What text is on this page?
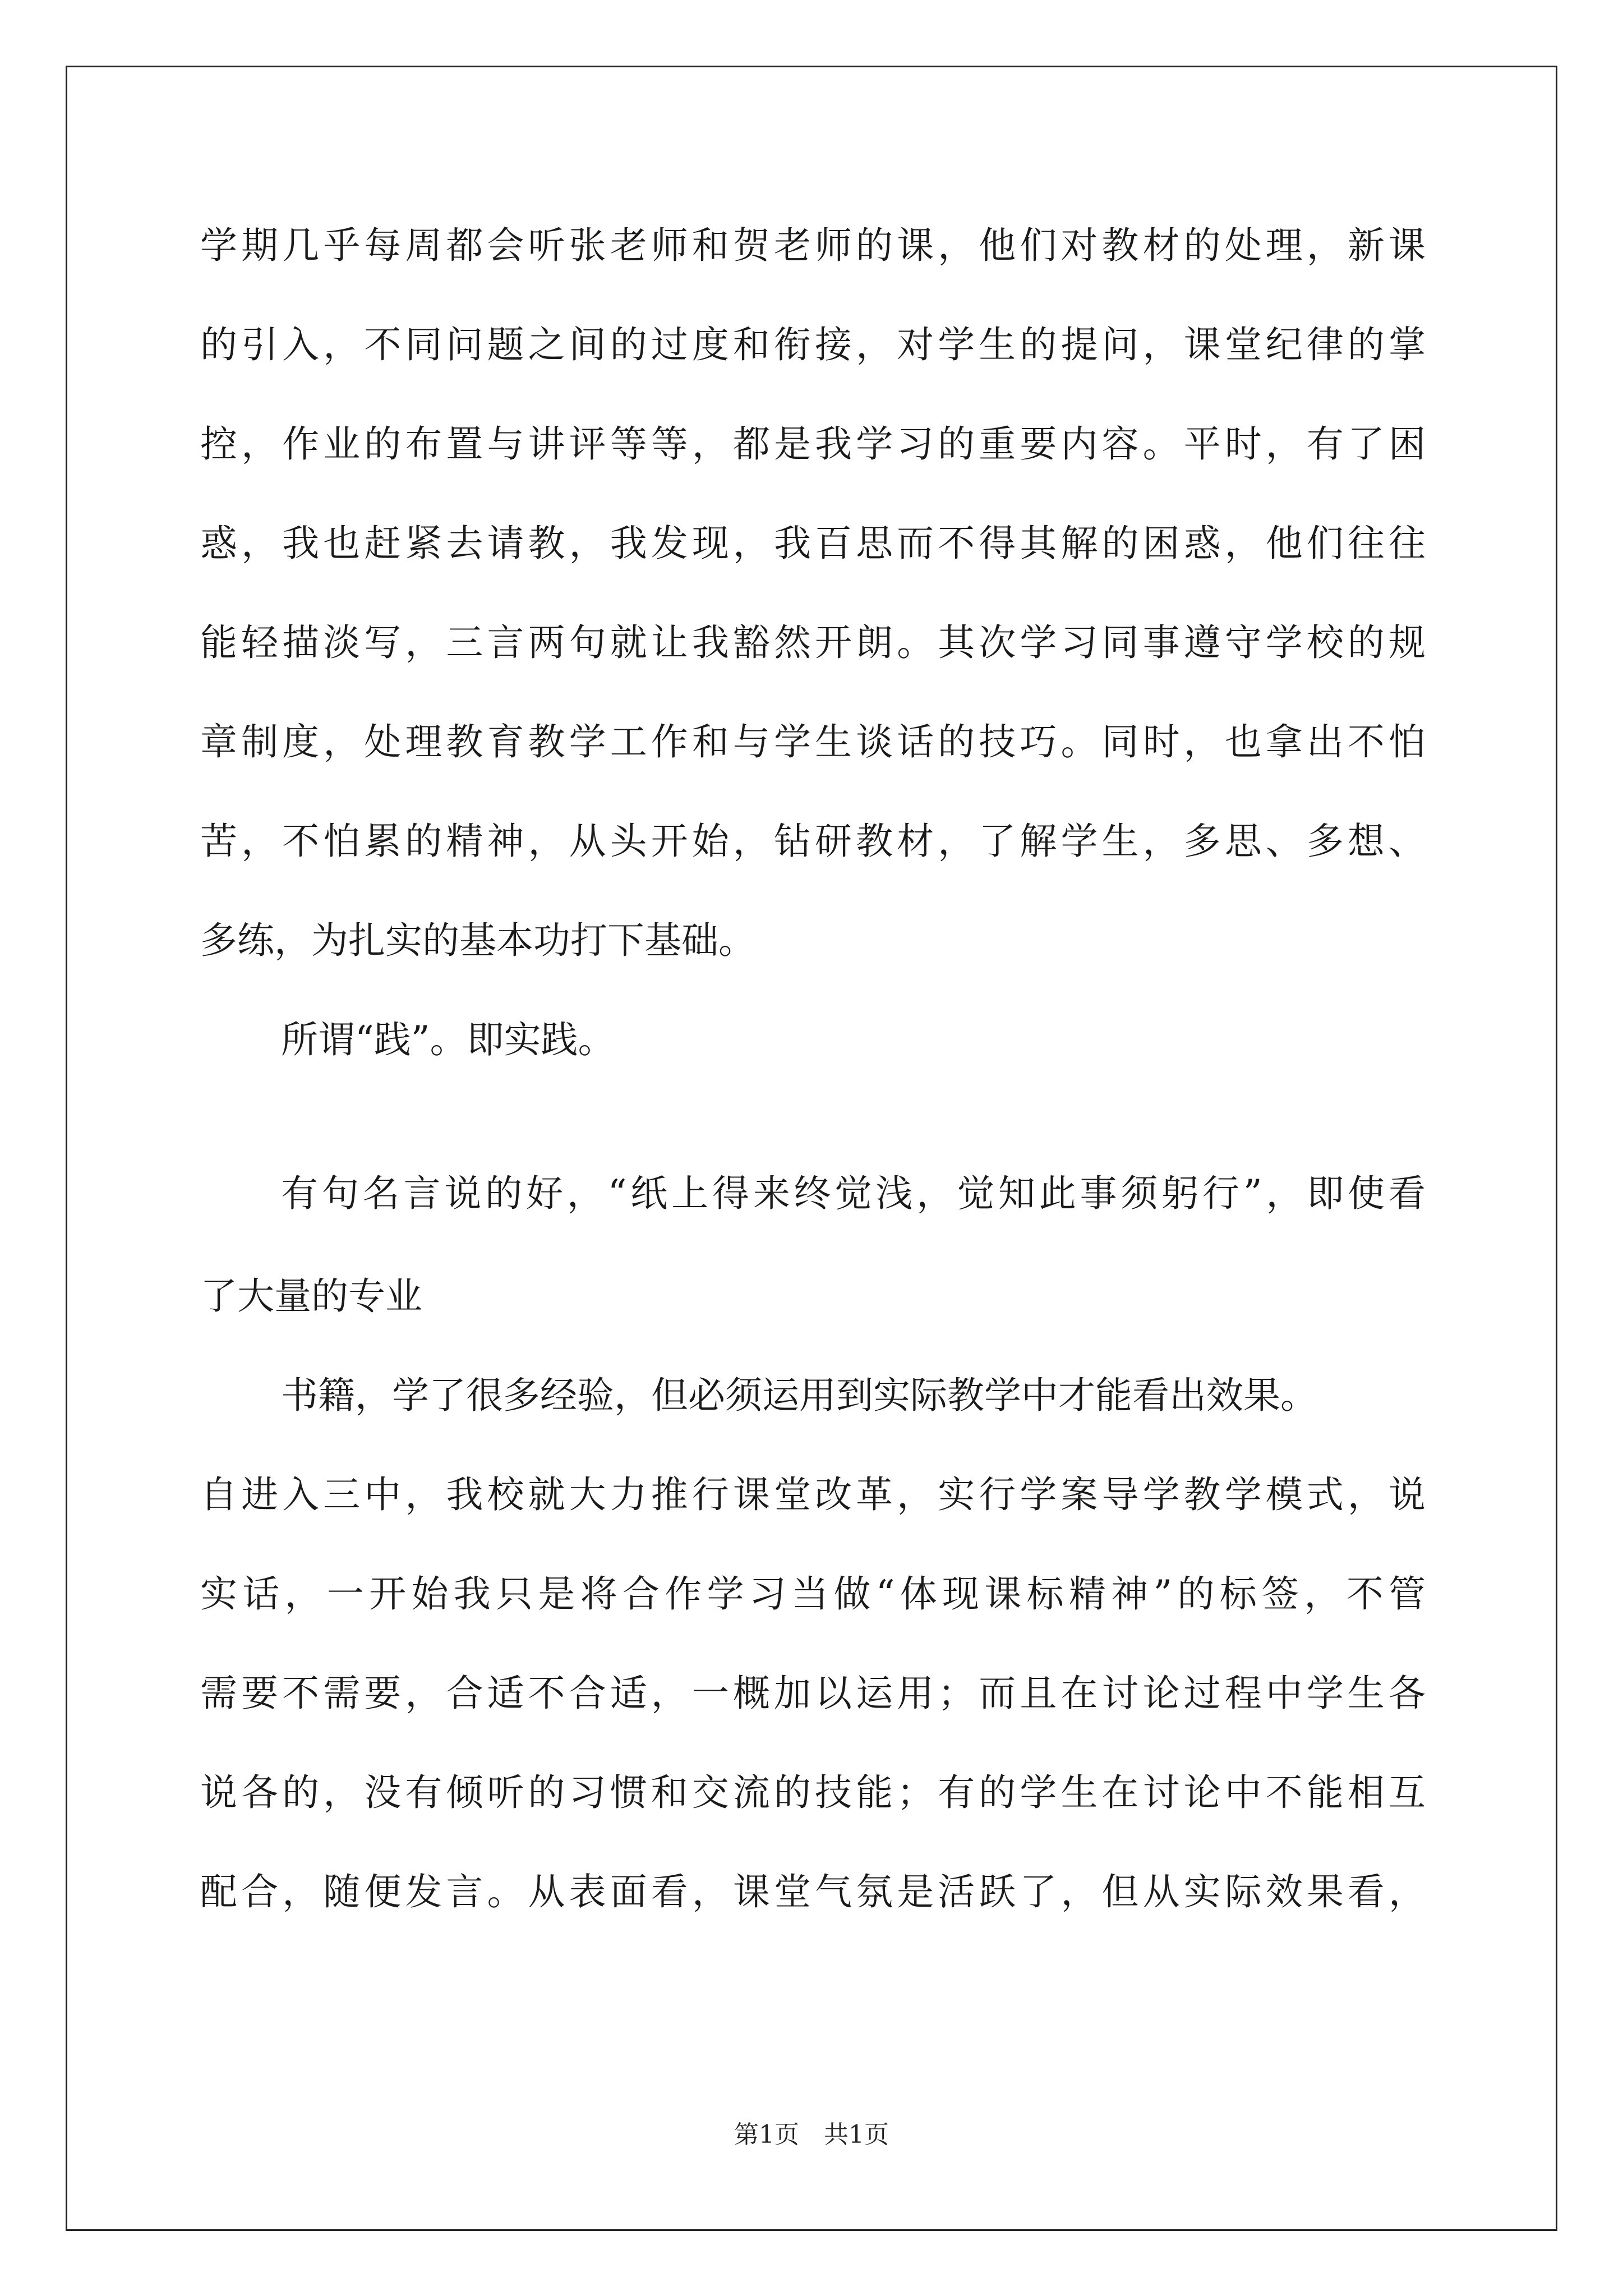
学期几乎每周都会听张老师和贺老师的课，他们对教材的处理，新课
的引入，不同问题之间的过度和衔接，对学生的提问，课堂纪律的掌
控，作业的布置与讲评等等，都是我学习的重要内容。平时，有了困
惑，我也赶紧去请教，我发现，我百思而不得其解的困惑，他们往往
能轻描淡写，三言两句就让我豁然开朗。其次学习同事遵守学校的规
章制度，处理教育教学工作和与学生谈话的技巧。同时，也拿出不怕
苦，不怕累的精神，从头开始，钻研教材，了解学生，多思、多想、
多练，为扎实的基本功打下基础。
所谓“践”。即实践。
有句名言说的好，“纸上得来终觉浅，觉知此事须躬行”，即使看
了大量的专业
书籍，学了很多经验，但必须运用到实际教学中才能看出效果。
自进入三中，我校就大力推行课堂改革，实行学案导学教学模式，说
实话，一开始我只是将合作学习当做“体现课标精神”的标签，不管
需要不需要，合适不合适，一概加以运用；而且在讨论过程中学生各
说各的，没有倾听的习惯和交流的技能；有的学生在讨论中不能相互
配合，随便发言。从表面看，课堂气氛是活跃了，但从实际效果看，
第1页　共1页
